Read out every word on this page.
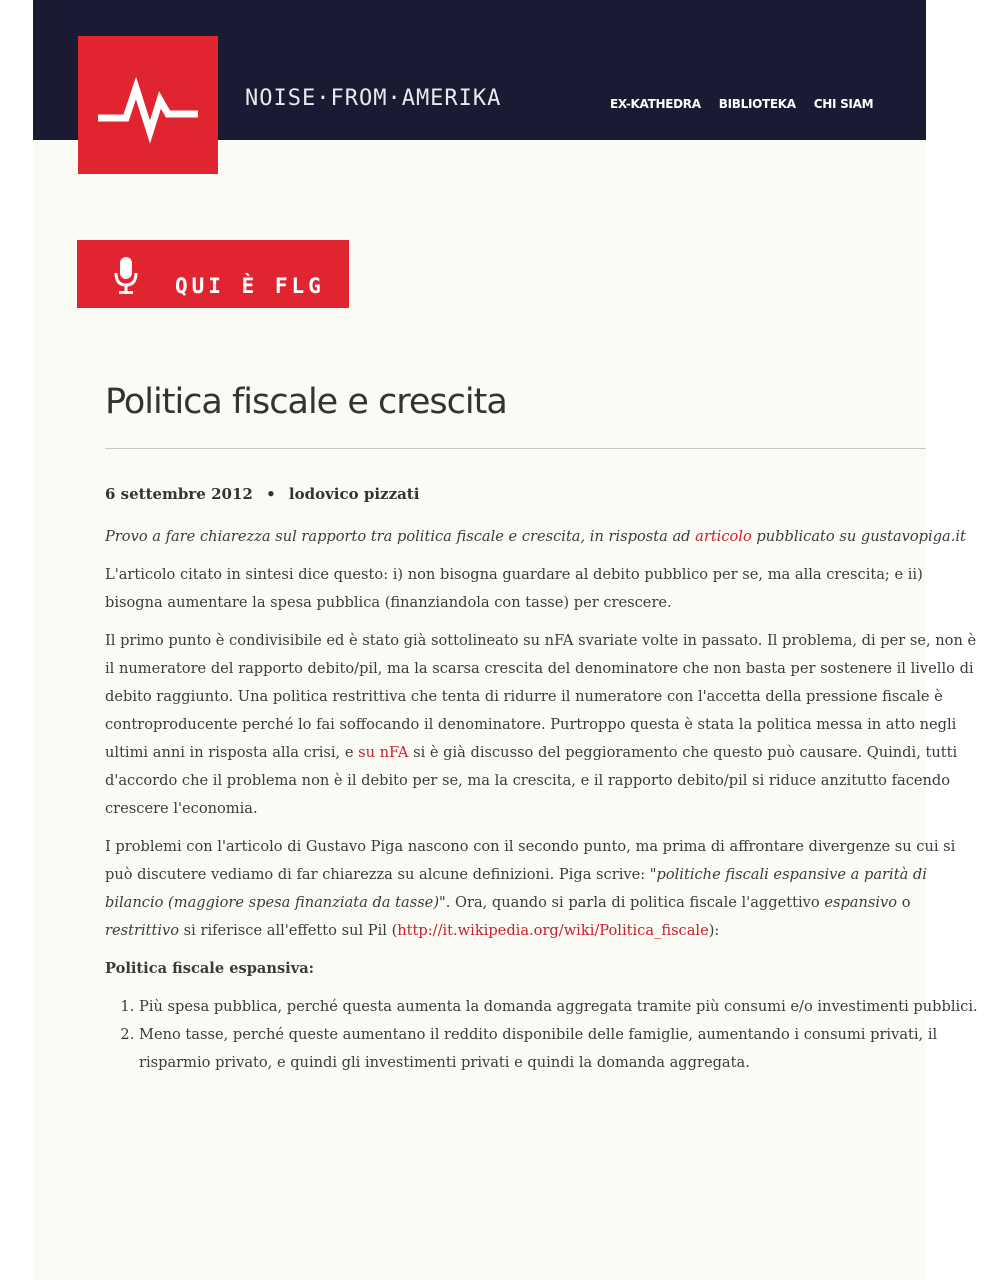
NOISE·FROM·AMERIKA	EX-KATHEDRA BIBLIOTEKA CHI SIAM
QUI È FLG
Politica fiscale e crescita
6 settembre 2012 • lodovico pizzati

Provo a fare chiarezza sul rapporto tra politica fiscale e crescita, in risposta ad articolo pubblicato su gustavopiga.it

L'articolo citato in sintesi dice questo: i) non bisogna guardare al debito pubblico per se, ma alla crescita; e ii) bisogna aumentare la spesa pubblica (finanziandola con tasse) per crescere.

Il primo punto è condivisibile ed è stato già sottolineato su nFA svariate volte in passato. Il problema, di per se, non è il numeratore del rapporto debito/pil, ma la scarsa crescita del denominatore che non basta per sostenere il livello di debito raggiunto. Una politica restrittiva che tenta di ridurre il numeratore con l'accetta della pressione fiscale è controproducente perché lo fai soffocando il denominatore. Purtroppo questa è stata la politica messa in atto negli ultimi anni in risposta alla crisi, e su nFA si è già discusso del peggioramento che questo può causare. Quindi, tutti d'accordo che il problema non è il debito per se, ma la crescita, e il rapporto debito/pil si riduce anzitutto facendo crescere l'economia.

I problemi con l'articolo di Gustavo Piga nascono con il secondo punto, ma prima di affrontare divergenze su cui si può discutere vediamo di far chiarezza su alcune definizioni. Piga scrive: "politiche fiscali espansive a parità di bilancio (maggiore spesa finanziata da tasse)". Ora, quando si parla di politica fiscale l'aggettivo espansivo o restrittivo si riferisce all'effetto sul Pil (http://it.wikipedia.org/wiki/Politica_fiscale):

Politica fiscale espansiva:

1. Più spesa pubblica, perché questa aumenta la domanda aggregata tramite più consumi e/o investimenti pubblici.
2. Meno tasse, perché queste aumentano il reddito disponibile delle famiglie, aumentando i consumi privati, il risparmio privato, e quindi gli investimenti privati e quindi la domanda aggregata.
